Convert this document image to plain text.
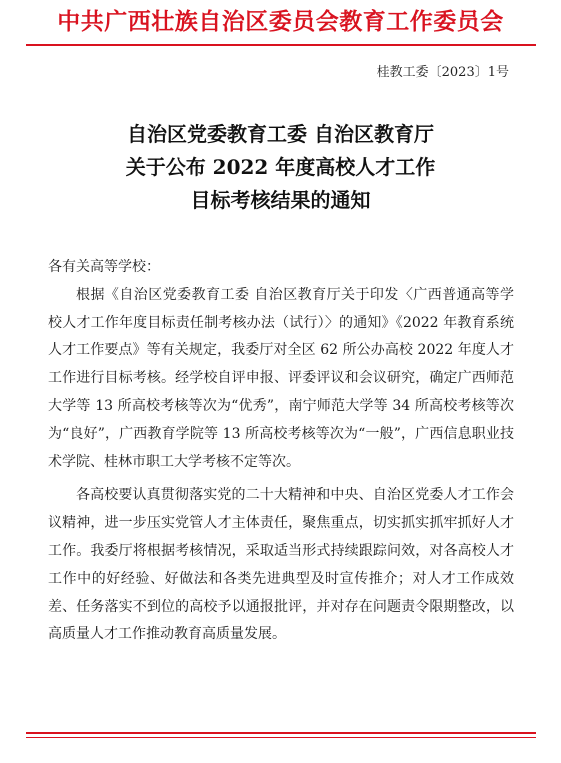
中共广西壮族自治区委员会教育工作委员会
桂教工委〔2023〕1号
自治区党委教育工委 自治区教育厅
关于公布 2022 年度高校人才工作
目标考核结果的通知

各有关高等学校：

根据《自治区党委教育工委 自治区教育厅关于印发〈广西普通高等学校人才工作年度目标责任制考核办法（试行）〉的通知》《2022 年教育系统人才工作要点》等有关规定，我委厅对全区 62 所公办高校 2022 年度人才工作进行目标考核。经学校自评申报、评委评议和会议研究，确定广西师范大学等 13 所高校考核等次为“优秀”，南宁师范大学等 34 所高校考核等次为“良好”，广西教育学院等 13 所高校考核等次为“一般”，广西信息职业技术学院、桂林市职工大学考核不定等次。

各高校要认真贯彻落实党的二十大精神和中央、自治区党委人才工作会议精神，进一步压实党管人才主体责任，聚焦重点，切实抓实抓牢抓好人才工作。我委厅将根据考核情况，采取适当形式持续跟踪问效，对各高校人才工作中的好经验、好做法和各类先进典型及时宣传推介；对人才工作成效差、任务落实不到位的高校予以通报批评，并对存在问题责令限期整改，以高质量人才工作推动教育高质量发展。
